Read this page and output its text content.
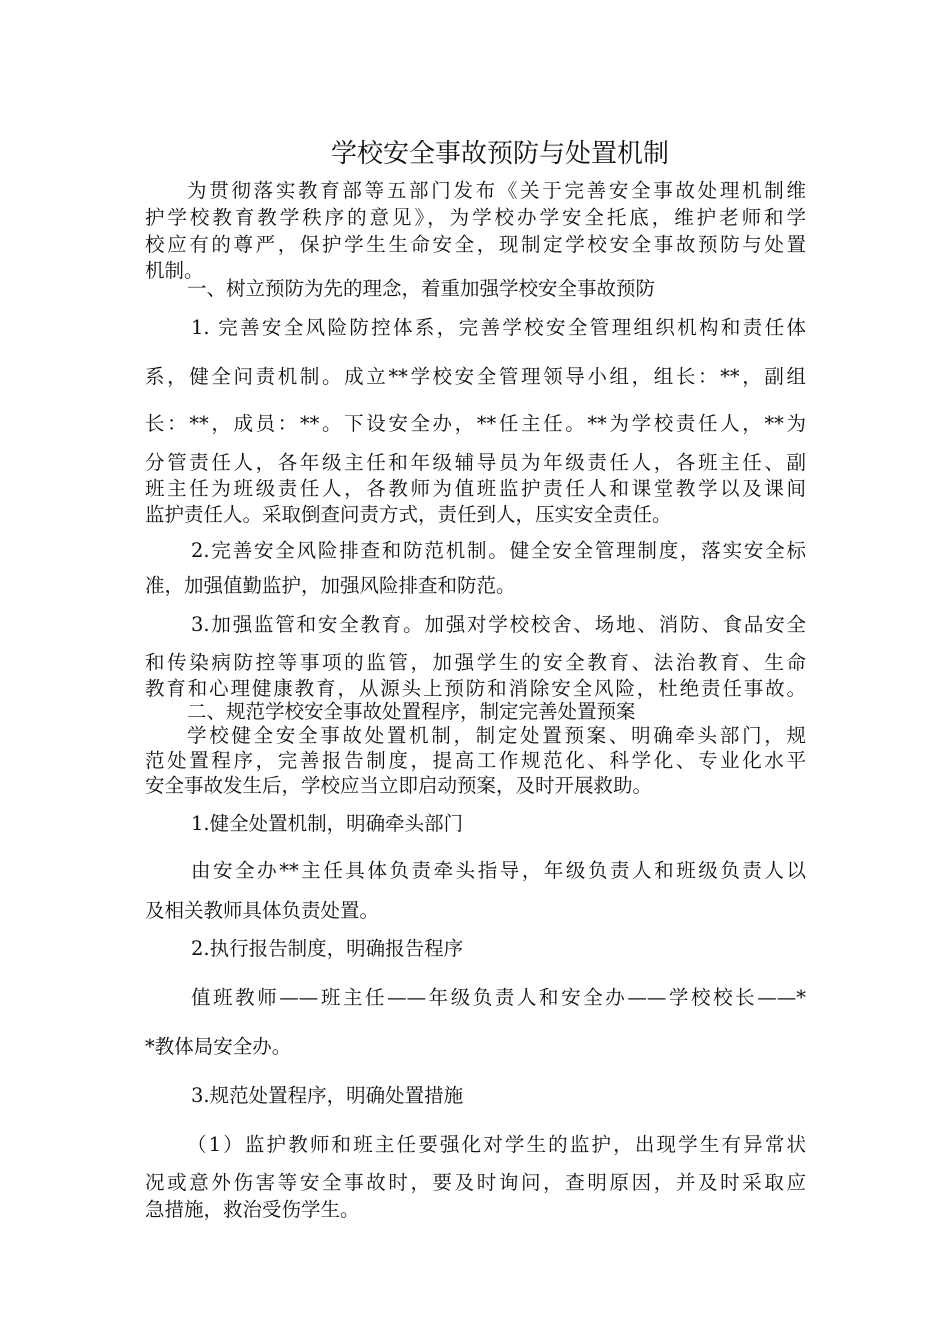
学校安全事故预防与处置机制
为贯彻落实教育部等五部门发布《关于完善安全事故处理机制维
护学校教育教学秩序的意见》，为学校办学安全托底，维护老师和学
校应有的尊严，保护学生生命安全，现制定学校安全事故预防与处置
机制。
一、树立预防为先的理念，着重加强学校安全事故预防
1. 完善安全风险防控体系，完善学校安全管理组织机构和责任体
系，健全问责机制。成立**学校安全管理领导小组，组长：**，副组
长：**，成员：**。下设安全办，**任主任。**为学校责任人，**为
分管责任人，各年级主任和年级辅导员为年级责任人，各班主任、副
班主任为班级责任人，各教师为值班监护责任人和课堂教学以及课间
监护责任人。采取倒查问责方式，责任到人，压实安全责任。
2.完善安全风险排查和防范机制。健全安全管理制度，落实安全标
准，加强值勤监护，加强风险排查和防范。
3.加强监管和安全教育。加强对学校校舍、场地、消防、食品安全
和传染病防控等事项的监管，加强学生的安全教育、法治教育、生命
教育和心理健康教育，从源头上预防和消除安全风险，杜绝责任事故。
二、规范学校安全事故处置程序，制定完善处置预案
学校健全安全事故处置机制，制定处置预案、明确牵头部门，规
范处置程序，完善报告制度，提高工作规范化、科学化、专业化水平
安全事故发生后，学校应当立即启动预案，及时开展救助。
1.健全处置机制，明确牵头部门
由安全办**主任具体负责牵头指导，年级负责人和班级负责人以
及相关教师具体负责处置。
2.执行报告制度，明确报告程序
值班教师——班主任——年级负责人和安全办——学校校长——*
*教体局安全办。
3.规范处置程序，明确处置措施
（1）监护教师和班主任要强化对学生的监护，出现学生有异常状
况或意外伤害等安全事故时，要及时询问，查明原因，并及时采取应
急措施，救治受伤学生。
